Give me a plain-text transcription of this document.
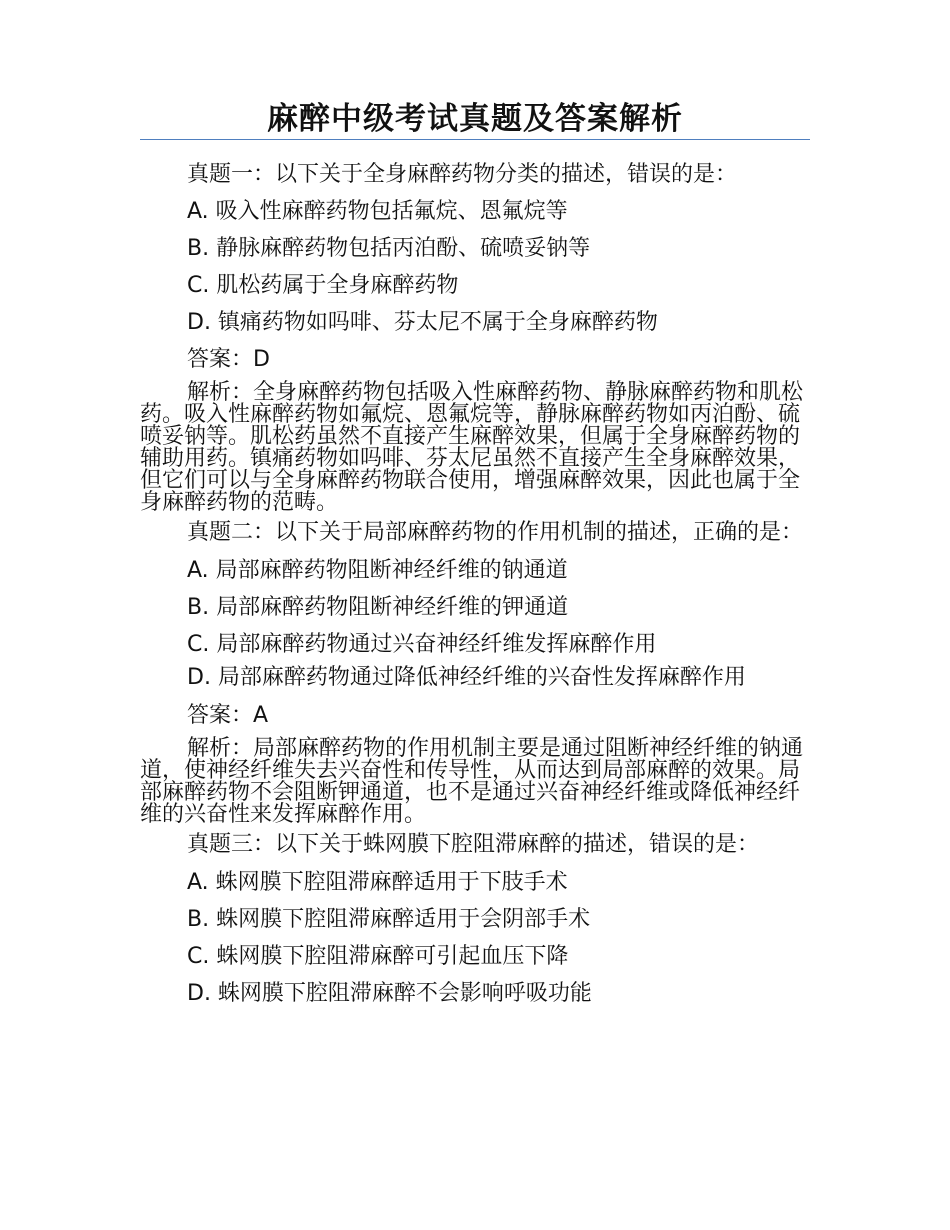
麻醉中级考试真题及答案解析

真题一：以下关于全身麻醉药物分类的描述，错误的是：

A. 吸入性麻醉药物包括氟烷、恩氟烷等

B. 静脉麻醉药物包括丙泊酚、硫喷妥钠等

C. 肌松药属于全身麻醉药物

D. 镇痛药物如吗啡、芬太尼不属于全身麻醉药物

答案：D

解析：全身麻醉药物包括吸入性麻醉药物、静脉麻醉药物和肌松药。吸入性麻醉药物如氟烷、恩氟烷等，静脉麻醉药物如丙泊酚、硫喷妥钠等。肌松药虽然不直接产生麻醉效果，但属于全身麻醉药物的辅助用药。镇痛药物如吗啡、芬太尼虽然不直接产生全身麻醉效果，但它们可以与全身麻醉药物联合使用，增强麻醉效果，因此也属于全身麻醉药物的范畴。

真题二：以下关于局部麻醉药物的作用机制的描述，正确的是：

A. 局部麻醉药物阻断神经纤维的钠通道

B. 局部麻醉药物阻断神经纤维的钾通道

C. 局部麻醉药物通过兴奋神经纤维发挥麻醉作用

D. 局部麻醉药物通过降低神经纤维的兴奋性发挥麻醉作用

答案：A

解析：局部麻醉药物的作用机制主要是通过阻断神经纤维的钠通道，使神经纤维失去兴奋性和传导性，从而达到局部麻醉的效果。局部麻醉药物不会阻断钾通道，也不是通过兴奋神经纤维或降低神经纤维的兴奋性来发挥麻醉作用。

真题三：以下关于蛛网膜下腔阻滞麻醉的描述，错误的是：

A. 蛛网膜下腔阻滞麻醉适用于下肢手术

B. 蛛网膜下腔阻滞麻醉适用于会阴部手术

C. 蛛网膜下腔阻滞麻醉可引起血压下降

D. 蛛网膜下腔阻滞麻醉不会影响呼吸功能
